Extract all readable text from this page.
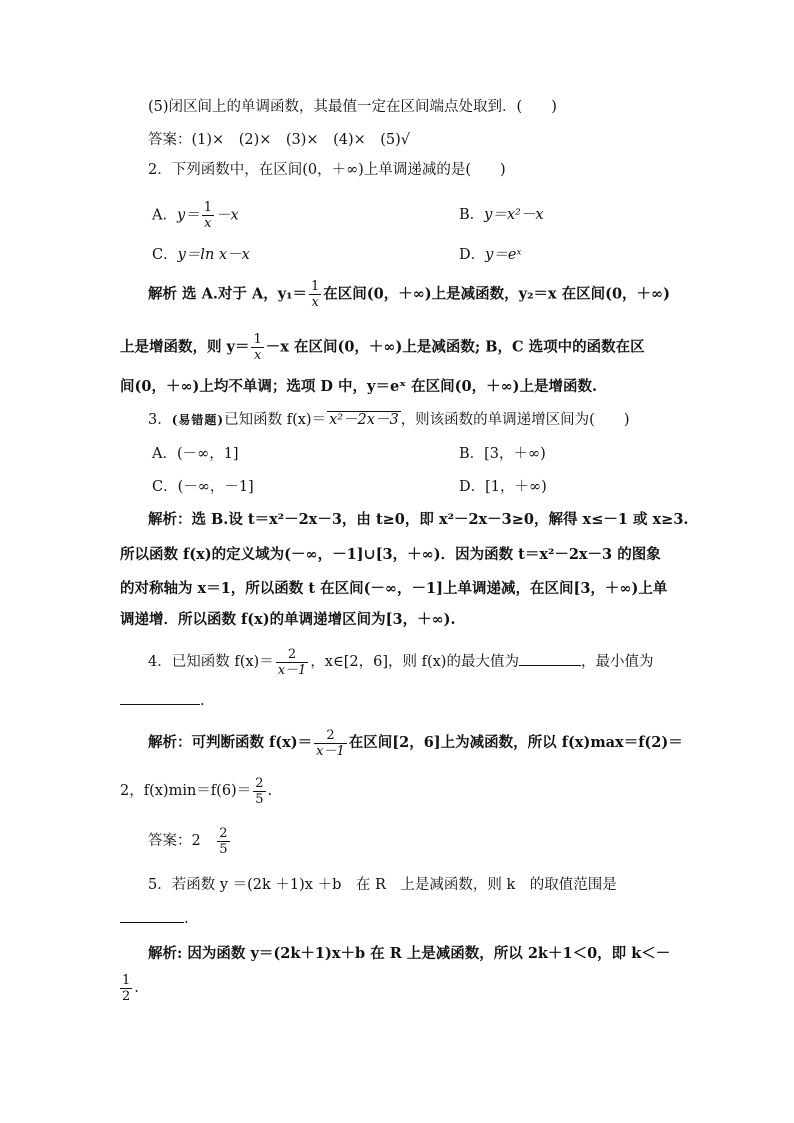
(5)闭区间上的单调函数，其最值一定在区间端点处取到．(　　)
答案：(1)×　(2)×　(3)×　(4)×　(5)√
2．下列函数中，在区间(0，＋∞)上单调递减的是(　　)
A．$y= \frac{1}{x} -x$	B．y＝x²－x
C．y＝ln x－x	D．y＝eˣ
解析 选 A.对于 A，$y_1= \frac{1}{x}$ 在区间(0，＋∞)上是减函数，y₂＝x 在区间(0，＋∞)
上是增函数，则 $y= \frac{1}{x} -x$ 在区间(0，＋∞)上是减函数; B，C 选项中的函数在区
间(0，＋∞)上均不单调；选项 D 中，y＝eˣ 在区间(0，＋∞)上是增函数.
3．(易错题)已知函数 f(x)＝ x²－2x－3 ，则该函数的单调递增区间为(　　)
A．(－∞，1]	B．[3，＋∞)
C．(－∞，－1]	D．[1，＋∞)
解析：选 B.设 t＝x²－2x－3，由 t≥0，即 x²－2x－3≥0，解得 x≤－1 或 x≥3.
所以函数 f(x)的定义域为(－∞，－1]∪[3，＋∞)．因为函数 t＝x²－2x－3 的图象
的对称轴为 x＝1，所以函数 t 在区间(－∞，－1]上单调递减，在区间[3，＋∞)上单
调递增．所以函数 f(x)的单调递增区间为[3，＋∞).
4．已知函数 $f(x)= \frac{2}{x-1}$ ，x∈[2，6]，则 f(x)的最大值为	，最小值为
.
解析：可判断函数 $f(x)= \frac{2}{x-1}$ 在区间[2，6]上为减函数，所以 f(x)max＝f(2)＝
2，$f(x)\min=f(6)= \frac{2}{5}$ .
答案：2　 $\frac{2}{5}$
5．若函数 y ＝(2k ＋1)x ＋b　在 R　上是减函数，则 k　的取值范围是
.
解析: 因为函数 y＝(2k＋1)x＋b 在 R 上是减函数，所以 2k＋1＜0，即 k＜－
$\frac{1}{2}$ .
